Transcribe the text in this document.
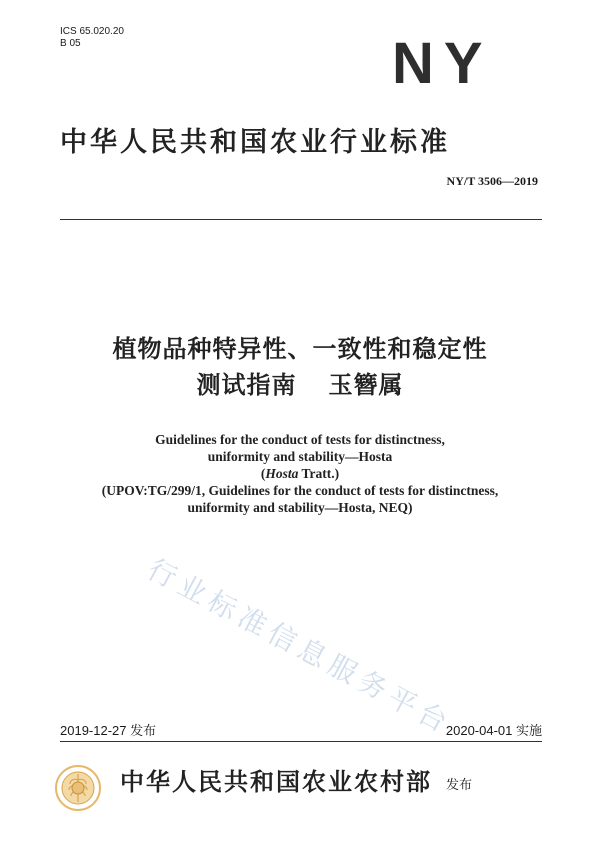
ICS 65.020.20
B 05	NY
中华人民共和国农业行业标准
NY/T 3506—2019
植物品种特异性、一致性和稳定性
测试指南 玉簪属
Guidelines for the conduct of tests for distinctness,
uniformity and stability—Hosta
(Hosta Tratt.)
(UPOV:TG/299/1, Guidelines for the conduct of tests for distinctness,
uniformity and stability—Hosta, NEQ)
行业标准信息服务平台
2019-12-27 发布	2020-04-01 实施
中华人民共和国农业农村部 发布
